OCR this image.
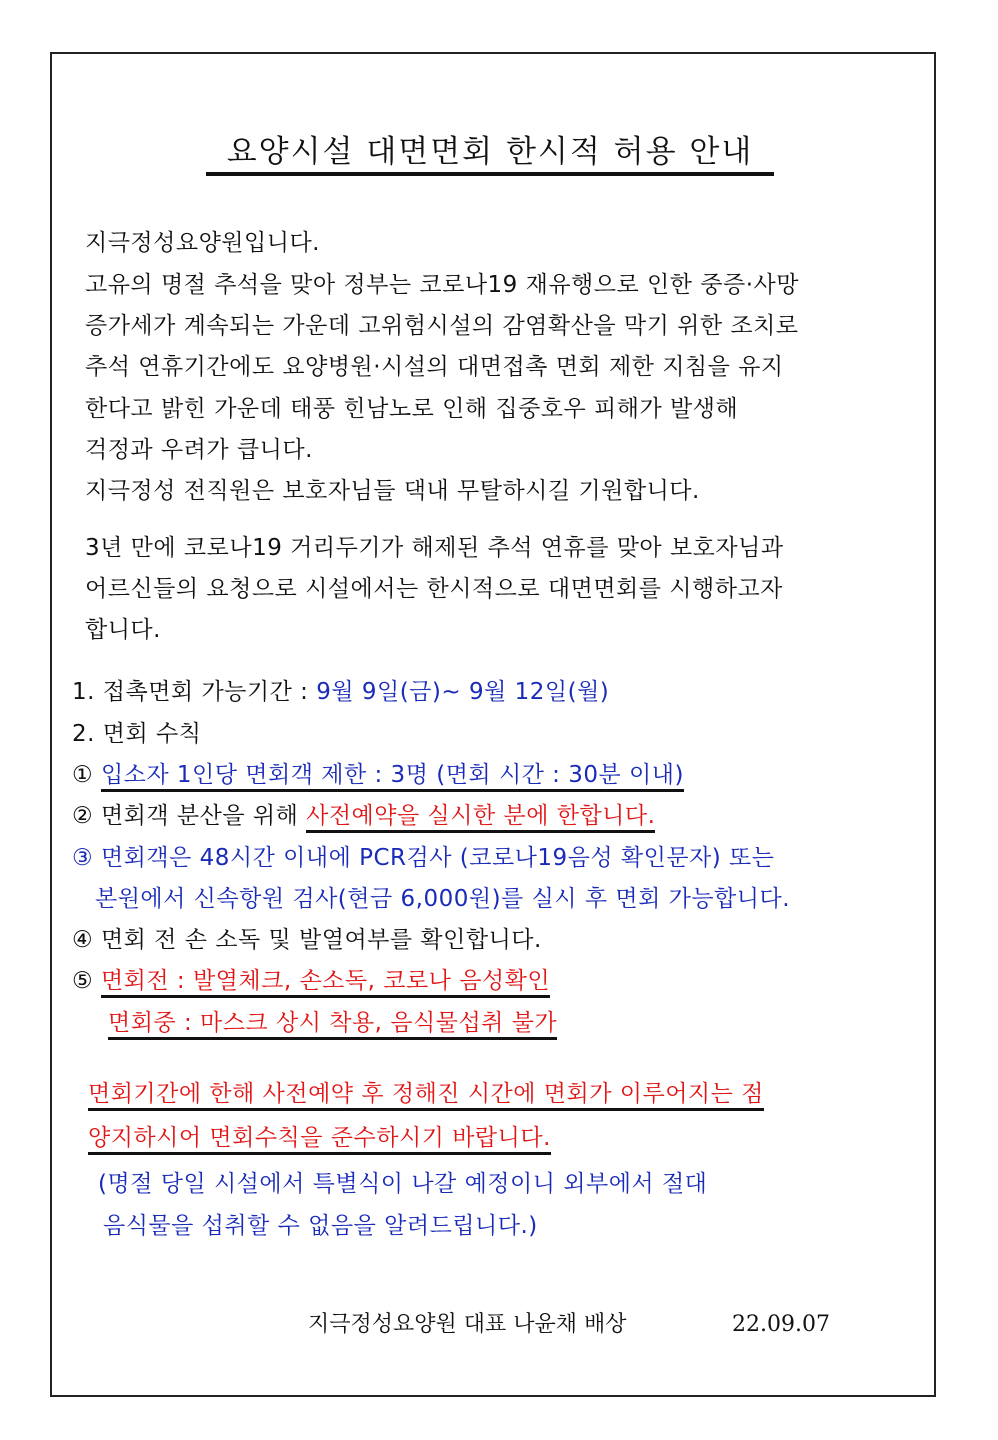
요양시설 대면면회 한시적 허용 안내
지극정성요양원입니다.
고유의 명절 추석을 맞아 정부는 코로나19 재유행으로 인한 중증·사망
증가세가 계속되는 가운데 고위험시설의 감염확산을 막기 위한 조치로
추석 연휴기간에도 요양병원·시설의 대면접촉 면회 제한 지침을 유지
한다고 밝힌 가운데 태풍 힌남노로 인해 집중호우 피해가 발생해
걱정과 우려가 큽니다.
지극정성 전직원은 보호자님들 댁내 무탈하시길 기원합니다.
3년 만에 코로나19 거리두기가 해제된 추석 연휴를 맞아 보호자님과
어르신들의 요청으로 시설에서는 한시적으로 대면면회를 시행하고자
합니다.
1. 접촉면회 가능기간 : 9월 9일(금)~ 9월 12일(월)
2. 면회 수칙
① 입소자 1인당 면회객 제한 : 3명 (면회 시간 : 30분 이내)
② 면회객 분산을 위해 사전예약을 실시한 분에 한합니다.
③ 면회객은 48시간 이내에 PCR검사 (코로나19음성 확인문자) 또는
본원에서 신속항원 검사(현금 6,000원)를 실시 후 면회 가능합니다.
④ 면회 전 손 소독 및 발열여부를 확인합니다.
⑤ 면회전 : 발열체크, 손소독, 코로나 음성확인
면회중 : 마스크 상시 착용, 음식물섭취 불가
면회기간에 한해 사전예약 후 정해진 시간에 면회가 이루어지는 점
양지하시어 면회수칙을 준수하시기 바랍니다.
(명절 당일 시설에서 특별식이 나갈 예정이니 외부에서 절대
음식물을 섭취할 수 없음을 알려드립니다.)
지극정성요양원 대표 나윤채 배상	22.09.07
